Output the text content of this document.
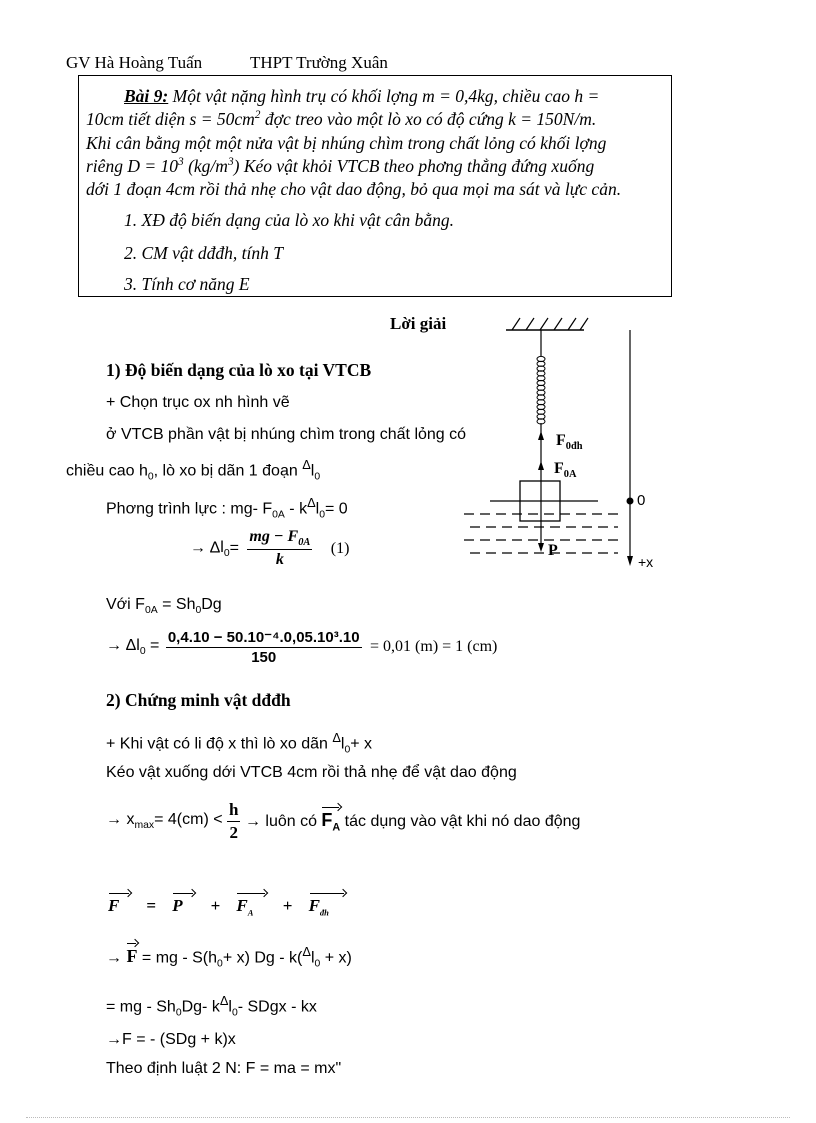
GV Hà Hoàng Tuấn	THPT Trường Xuân
Bài 9: Một vật nặng hình trụ có khối lợng m = 0,4kg, chiều cao h =
10cm tiết diện $s = 50cm^2$ đợc treo vào một lò xo có độ cứng k = 150N/m.
Khi cân bằng một một nửa vật bị nhúng chìm trong chất lỏng có khối lợng
riêng $D = 10^3$ $(kg/m^3)$ Kéo vật khỏi VTCB theo phơng thẳng đứng xuống
dới 1 đoạn 4cm rồi thả nhẹ cho vật dao động, bỏ qua mọi ma sát và lực cản.
1. XĐ độ biến dạng của lò xo khi vật cân bằng.
2. CM vật dđđh, tính T
3. Tính cơ năng E
Lời giải
1) Độ biến dạng của lò xo tại VTCB
+ Chọn trục ox nh hình vẽ
ở VTCB phần vật bị nhúng chìm trong chất lỏng có
chiều cao $h_0$, lò xo bị dãn 1 đoạn $^\Delta l_0$
Phơng trình lực : mg- $F_{0A} - k^\Delta l_0= 0$
→ $\Delta l_0= \frac{mg - F_{0A}}{k} (1)$
Với $F_{0A} = Sh_0Dg$
→ $\Delta l_0 = \frac{\text{0,4.10 − 50.10⁻⁴.0,05.10³.10}}{150} = 0,01$ (m) = 1 (cm)
2) Chứng minh vật dđđh
+ Khi vật có li độ x thì lò xo dãn $^\Delta l_0+ x$
Kéo vật xuống dới VTCB 4cm rồi thả nhẹ để vật dao động
→ $x_{max}= 4(cm) < \frac{h}{2}$ → luôn có $F_A$ tác dụng vào vật khi nó dao động
$F = P + F_A + F_{đh}$
→ F = mg - $S(h_0+ x)$ $Dg - k(^\Delta l_0 + x)$
= mg - $Sh_0Dg-$ $k^\Delta l_0-$ SDgx - kx
→F = - (SDg + k)x
Theo định luật 2 N: F = ma = mx"
$F_{0đh}$
$F_{0A}$
P
0
+x
